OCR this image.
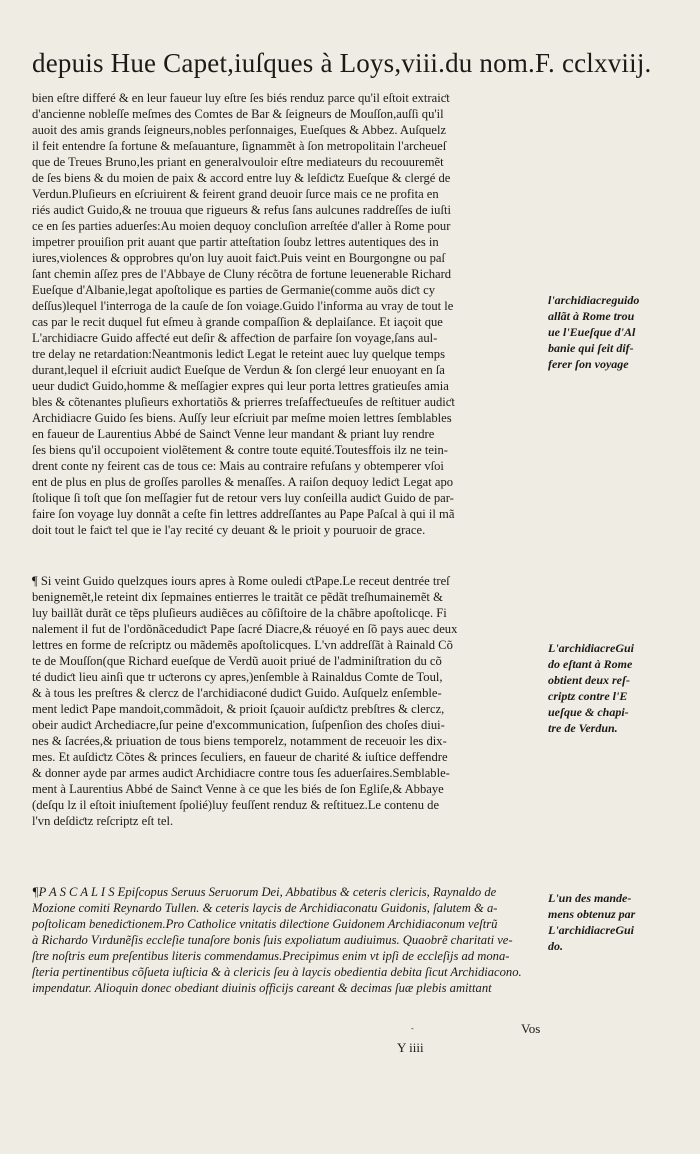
depuis Hue Capet,iuſques à Loys,viii.du nom.F. cclxviij.
bien eſtre differé & en leur faueur luy eſtre ſes biés renduz parce qu'il eſtoit extraiƈt
d'ancienne nobleſſe meſmes des Comtes de Bar & ſeigneurs de Mouſſon,auſſi qu'il
auoit des amis grands ſeigneurs,nobles perſonnaiges, Eueſques & Abbez. Auſquelz
il feit entendre ſa fortune & meſauanture, ſignammẽt à ſon metropolitain l'archeueſ
que de Treues Bruno,les priant en generalvouloir eſtre mediateurs du recouuremẽt
de ſes biens & du moien de paix & accord entre luy & leſdiƈtz Eueſque & clergé de
Verdun.Pluſieurs en eſcriuirent & feirent grand deuoir ſurce mais ce ne profita en
riés audiƈt Guido,& ne trouua que rigueurs & refus ſans aulcunes raddreſſes de iuſti
ce en ſes parties aduerſes:Au moien dequoy concluſion arreſtée d'aller à Rome pour
impetrer prouiſion prit auant que partir atteſtation ſoubz lettres autentiques des in
iures,violences & opprobres qu'on luy auoit faiƈt.Puis veint en Bourgongne ou paſ
ſant chemin aſſez pres de l'Abbaye de Cluny récõtra de fortune leuenerable Richard
Eueſque d'Albanie,legat apoſtolique es parties de Germanie(comme auõs diƈt cy
deſſus)lequel l'interroga de la cauſe de ſon voiage.Guido l'informa au vray de tout le
cas par le recit duquel fut eſmeu à grande compaſſion & deplaiſance. Et iaçoit que
L'archidiacre Guido affeƈté eut deſir & affeƈtion de parfaire ſon voyage,ſans aul-
tre delay ne retardation:Neantmonis lediƈt Legat le reteint auec luy quelque temps
durant,lequel il eſcriuit audiƈt Eueſque de Verdun & ſon clergé leur enuoyant en ſa
ueur dudiƈt Guido,homme & meſſagier expres qui leur porta lettres gratieuſes amia
bles & cõtenantes pluſieurs exhortatiõs & prierres treſaffeƈtueuſes de reſtituer audiƈt
Archidiacre Guido ſes biens. Auſſy leur eſcriuit par meſme moien lettres ſemblables
en faueur de Laurentius Abbé de Sainƈt Venne leur mandant & priant luy rendre
ſes biens qu'il occupoient violẽtement & contre toute equité.Toutesffois ilz ne tein-
drent conte ny feirent cas de tous ce: Mais au contraire refuſans y obtemperer vſoi
ent de plus en plus de groſſes parolles & menaſſes. A raiſon dequoy lediƈt Legat apo
ſtolique ſi toſt que ſon meſſagier fut de retour vers luy conſeilla audiƈt Guido de par-
faire ſon voyage luy donnãt a ceſte fin lettres addreſſantes au Pape Paſcal à qui il mã
doit tout le faiƈt tel que ie l'ay recité cy deuant & le prioit y pouruoir de grace.
l'archidiacreguido
allãt à Rome trou
ue l'Eueſque d'Al
banie qui ſeit dif-
ferer ſon voyage
¶ Si veint Guido quelzques iours apres à Rome ouledi ƈtPape.Le receut dentrée treſ
benignemẽt,le reteint dix ſepmaines entierres le traitãt ce pẽdãt treſhumainemẽt &
luy baillãt durãt ce tẽps pluſieurs audiẽces au cõſiſtoire de la chãbre apoſtolicqe. Fi
nalement il fut de l'ordõnãcedudiƈt Pape ſacré Diacre,& réuoyé en ſõ pays auec deux
lettres en forme de reſcriptz ou mãdemẽs apoſtolicques. L'vn addreſſãt à Rainald Cõ
te de Mouſſon(que Richard eueſque de Verdũ auoit priué de l'adminiſtration du cõ
té dudiƈt lieu ainſi que tr uƈterons cy apres,)enſemble à Rainaldus Comte de Toul,
& à tous les preſtres & clercz de l'archidiaconé dudiƈt Guido. Auſquelz enſemble-
ment lediƈt Pape mandoit,commãdoit, & prioit ſçauoir auſdiƈtz prebſtres & clercz,
obeir audiƈt Archediacre,ſur peine d'excommunication, ſuſpenſion des choſes diui-
nes & ſacrées,& priuation de tous biens temporelz, notamment de receuoir les dix-
mes. Et auſdiƈtz Cõtes & princes ſeculiers, en faueur de charité & iuſtice deffendre
& donner ayde par armes audiƈt Archidiacre contre tous ſes aduerſaires.Semblable-
ment à Laurentius Abbé de Sainƈt Venne à ce que les biés de ſon Egliſe,& Abbaye
(deſqu lz il eſtoit iniuſtement ſpolié)luy feuſſent renduz & reſtituez.Le contenu de
l'vn deſdiƈtz reſcriptz eſt tel.
L'archidiacreGui
do eſtant à Rome
obtient deux reſ-
criptz contre l'E
ueſque & chapi-
tre de Verdun.
¶P A S C A L I S Epiſcopus Seruus Seruorum Dei, Abbatibus & ceteris clericis, Raynaldo de
Mozione comiti Reynardo Tullen. & ceteris laycis de Archidiaconatu Guidonis, ſalutem & a-
poſtolicam benediƈtionem.Pro Catholice vnitatis dileƈtione Guidonem Archidiaconum veſtrũ
à Richardo Vırdunẽſis eccleſie tunaſore bonis ſuis expoliatum audiuimus. Quaobrẽ charitati ve-
ſtre noſtris eum preſentibus literis commendamus.Precipimus enim vt ipſi de eccleſijs ad mona-
ſteria pertinentibus cõſueta iuſticia & à clericis ſeu à laycis obedientia debita ſicut Archidiacono.
impendatur. Alioquin donec obediant diuinis officijs careant & decimas ſuæ plebis amittant
L'un des mande-
mens obtenuz par
L'archidiacreGui
do.
-	Vos
Y iiii
